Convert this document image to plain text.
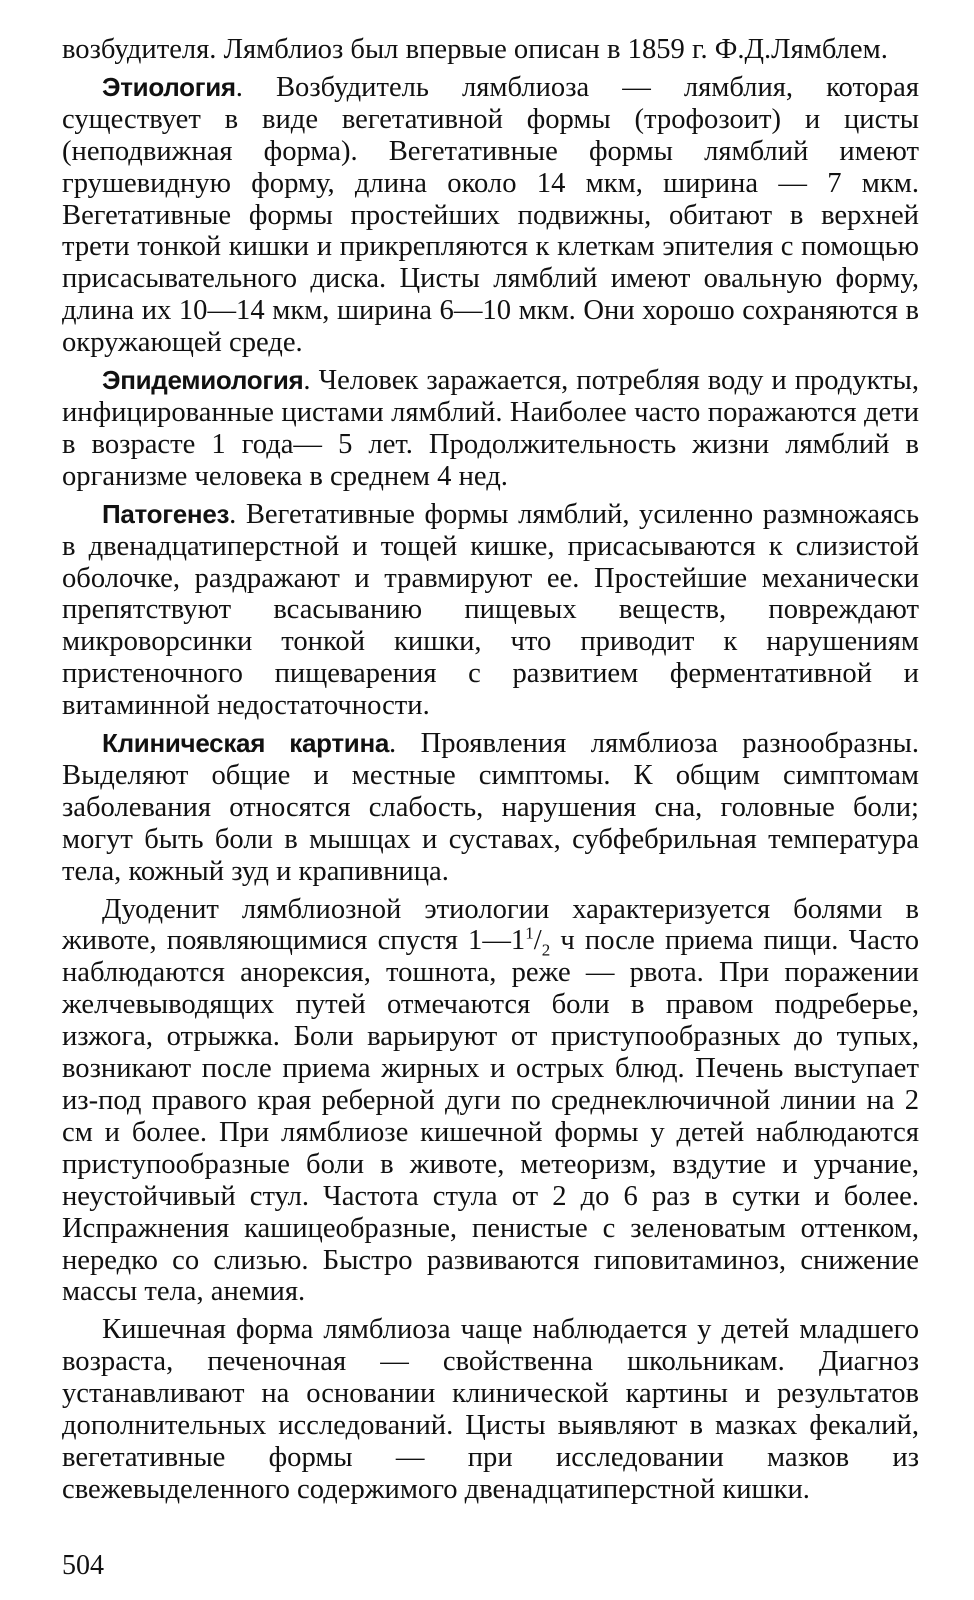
возбудителя. Лямблиоз был впервые описан в 1859 г. Ф.Д.Лямблем.

Этиология. Возбудитель лямблиоза — лямблия, которая существует в виде вегетативной формы (трофозоит) и цисты (неподвижная форма). Вегетативные формы лямблий имеют грушевидную форму, длина около 14 мкм, ширина — 7 мкм. Вегетативные формы простейших подвижны, обитают в верхней трети тонкой кишки и прикрепляются к клеткам эпителия с помощью присасывательного диска. Цисты лямблий имеют овальную форму, длина их 10—14 мкм, ширина 6—10 мкм. Они хорошо сохраняются в окружающей среде.

Эпидемиология. Человек заражается, потребляя воду и продукты, инфицированные цистами лямблий. Наиболее часто поражаются дети в возрасте 1 года— 5 лет. Продолжительность жизни лямблий в организме человека в среднем 4 нед.

Патогенез. Вегетативные формы лямблий, усиленно размножаясь в двенадцатиперстной и тощей кишке, присасываются к слизистой оболочке, раздражают и травмируют ее. Простейшие механически препятствуют всасыванию пищевых веществ, повреждают микроворсинки тонкой кишки, что приводит к нарушениям пристеночного пищеварения с развитием ферментативной и витаминной недостаточности.

Клиническая картина. Проявления лямблиоза разнообразны. Выделяют общие и местные симптомы. К общим симптомам заболевания относятся слабость, нарушения сна, головные боли; могут быть боли в мышцах и суставах, субфебрильная температура тела, кожный зуд и крапивница.

Дуоденит лямблиозной этиологии характеризуется болями в животе, появляющимися спустя $1—1^1/_2$ ч после приема пищи. Часто наблюдаются анорексия, тошнота, реже — рвота. При поражении желчевыводящих путей отмечаются боли в правом подреберье, изжога, отрыжка. Боли варьируют от приступообразных до тупых, возникают после приема жирных и острых блюд. Печень выступает из-под правого края реберной дуги по среднеключичной линии на 2 см и более. При лямблиозе кишечной формы у детей наблюдаются приступообразные боли в животе, метеоризм, вздутие и урчание, неустойчивый стул. Частота стула от 2 до 6 раз в сутки и более. Испражнения кашицеобразные, пенистые с зеленоватым оттенком, нередко со слизью. Быстро развиваются гиповитаминоз, снижение массы тела, анемия.

Кишечная форма лямблиоза чаще наблюдается у детей младшего возраста, печеночная — свойственна школьникам. Диагноз устанавливают на основании клинической картины и результатов дополнительных исследований. Цисты выявляют в мазках фекалий, вегетативные формы — при исследовании мазков из свежевыделенного содержимого двенадцатиперстной кишки.

504
